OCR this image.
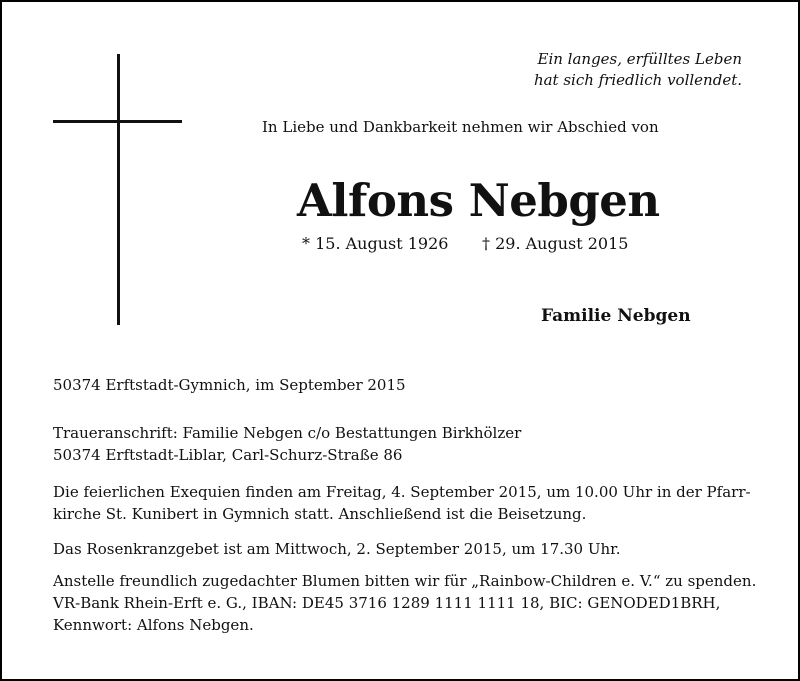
Ein langes, erfülltes Leben
hat sich friedlich vollendet.
In Liebe und Dankbarkeit nehmen wir Abschied von
Alfons Nebgen
* 15. August 1926 † 29. August 2015
Familie Nebgen
50374 Erftstadt-Gymnich, im September 2015
Traueranschrift: Familie Nebgen c/o Bestattungen Birkhölzer
50374 Erftstadt-Liblar, Carl-Schurz-Straße 86
Die feierlichen Exequien finden am Freitag, 4. September 2015, um 10.00 Uhr in der Pfarr-
kirche St. Kunibert in Gymnich statt. Anschließend ist die Beisetzung.
Das Rosenkranzgebet ist am Mittwoch, 2. September 2015, um 17.30 Uhr.
Anstelle freundlich zugedachter Blumen bitten wir für „Rainbow-Children e. V.“ zu spenden.
VR-Bank Rhein-Erft e. G., IBAN: DE45 3716 1289 1111 1111 18, BIC: GENODED1BRH,
Kennwort: Alfons Nebgen.
